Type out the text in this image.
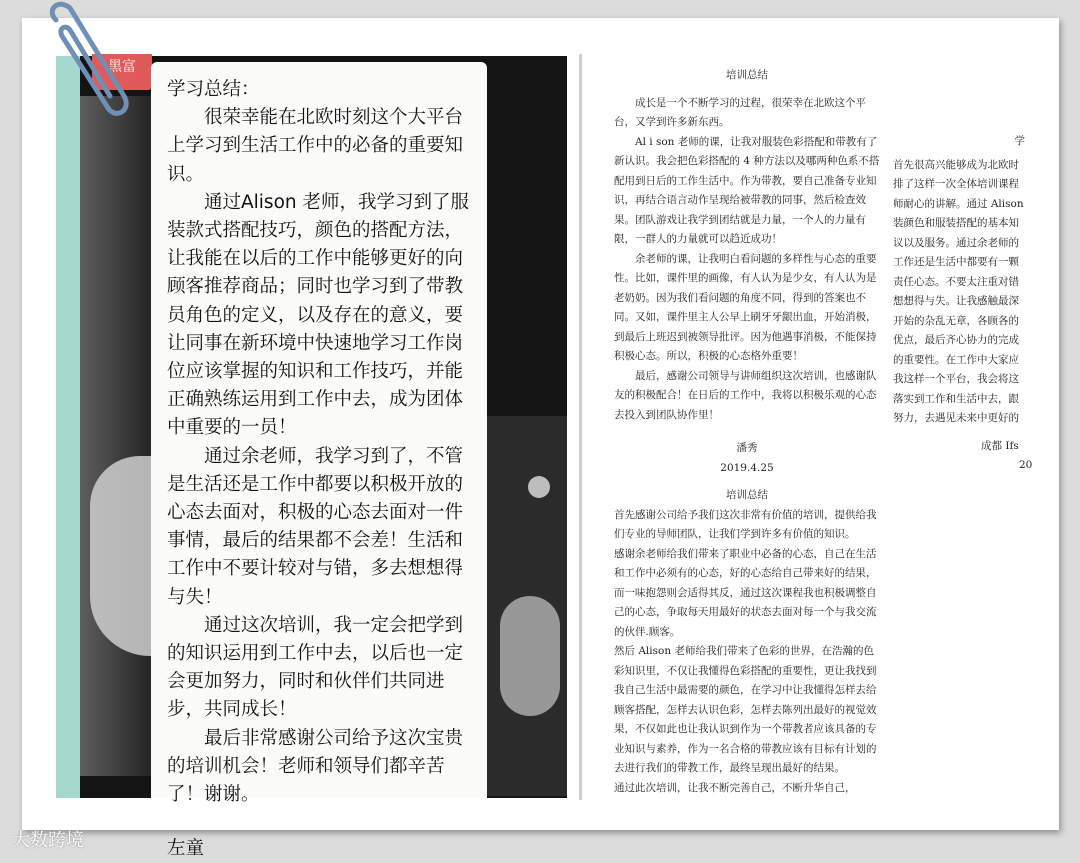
黑富

学习总结：

很荣幸能在北欧时刻这个大平台上学习到生活工作中的必备的重要知识。

通过Alison 老师，我学习到了服装款式搭配技巧，颜色的搭配方法，让我能在以后的工作中能够更好的向顾客推荐商品；同时也学习到了带教员角色的定义，以及存在的意义，要让同事在新环境中快速地学习工作岗位应该掌握的知识和工作技巧，并能正确熟练运用到工作中去，成为团体中重要的一员！

通过余老师，我学习到了，不管是生活还是工作中都要以积极开放的心态去面对，积极的心态去面对一件事情，最后的结果都不会差！生活和工作中不要计较对与错，多去想想得与失！

通过这次培训，我一定会把学到的知识运用到工作中去，以后也一定会更加努力，同时和伙伴们共同进步，共同成长！

最后非常感谢公司给予这次宝贵的培训机会！老师和领导们都辛苦了！谢谢。

左童

培训总结

成长是一个不断学习的过程，很荣幸在北欧这个平台，又学到许多新东西。

Al i son 老师的课，让我对服装色彩搭配和带教有了新认识。我会把色彩搭配的 4 种方法以及哪两种色系不搭配用到日后的工作生活中。作为带教，要自己准备专业知识，再结合语言动作呈现给被带教的同事，然后检查效果。团队游戏让我学到团结就是力量，一个人的力量有限，一群人的力量就可以趋近成功！

余老师的课，让我明白看问题的多样性与心态的重要性。比如，课件里的画像，有人认为是少女，有人认为是老奶奶。因为我们看问题的角度不同，得到的答案也不同。又如，课件里主人公早上刷牙牙龈出血，开始消极，到最后上班迟到被领导批评。因为他遇事消极，不能保持积极心态。所以，积极的心态格外重要！

最后，感谢公司领导与讲师组织这次培训，也感谢队友的积极配合！在日后的工作中，我将以积极乐观的心态去投入到团队协作里！

潘秀

2019.4.25

培训总结

首先感谢公司给予我们这次非常有价值的培训，提供给我们专业的导师团队，让我们学到许多有价值的知识。

感谢余老师给我们带来了职业中必备的心态，自己在生活和工作中必须有的心态，好的心态给自己带来好的结果，而一味抱怨则会适得其反，通过这次课程我也积极调整自己的心态，争取每天用最好的状态去面对每一个与我交流的伙伴.顾客。

然后 Alison 老师给我们带来了色彩的世界，在浩瀚的色彩知识里，不仅让我懂得色彩搭配的重要性，更让我找到我自己生活中最需要的颜色，在学习中让我懂得怎样去给顾客搭配，怎样去认识色彩，怎样去陈列出最好的视觉效果，不仅如此也让我认识到作为一个带教者应该具备的专业知识与素养，作为一名合格的带教应该有目标有计划的去进行我们的带教工作，最终呈现出最好的结果。

通过此次培训，让我不断完善自己，不断升华自己，

学

首先很高兴能够成为北欧时

排了这样一次全体培训课程

师耐心的讲解。通过 Alison

装颜色和服装搭配的基本知

议以及服务。通过余老师的

工作还是生活中都要有一颗

责任心态。不要太注重对错

想想得与失。让我感触最深

开始的杂乱无章，各顾各的

优点，最后齐心协力的完成

的重要性。在工作中大家应

我这样一个平台，我会将这

落实到工作和生活中去，跟

努力，去遇见未来中更好的

成都 Ifs

20

大数跨境
